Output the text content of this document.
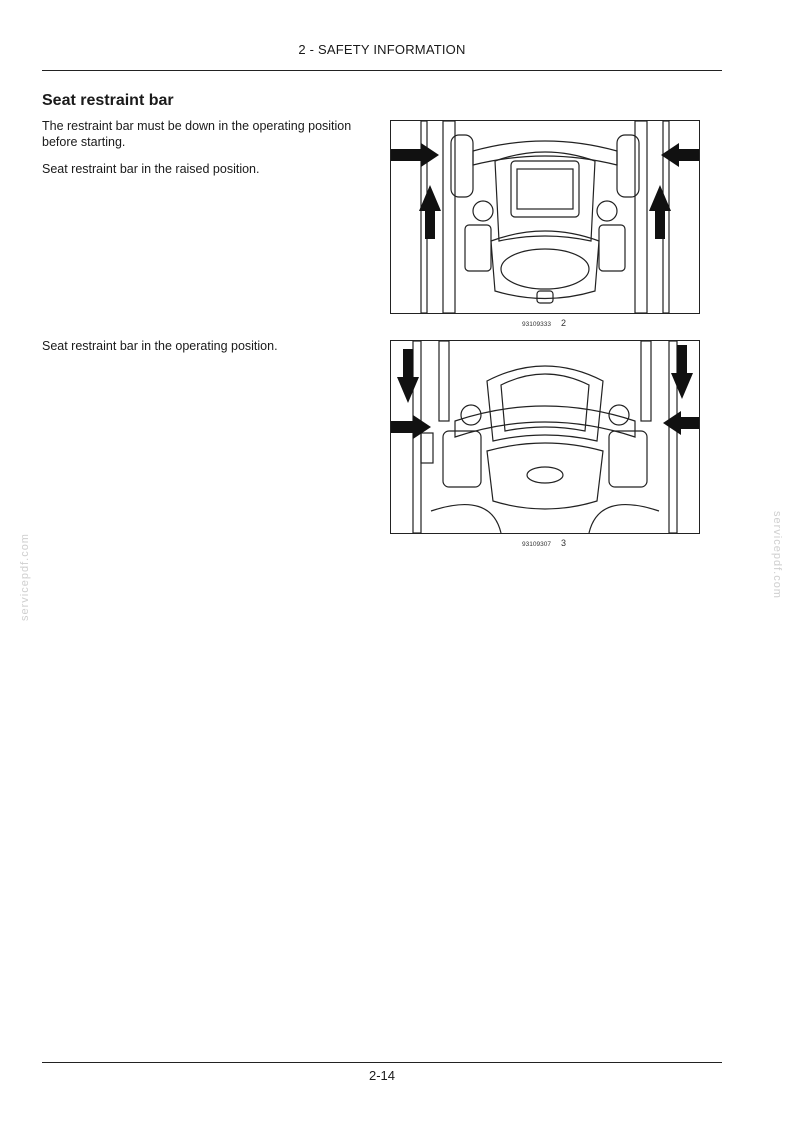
2 - SAFETY INFORMATION
Seat restraint bar
The restraint bar must be down in the operating position before starting.
Seat restraint bar in the raised position.
Seat restraint bar in the operating position.
93109333 2
93109307 3
servicepdf.com	servicepdf.com
2-14
